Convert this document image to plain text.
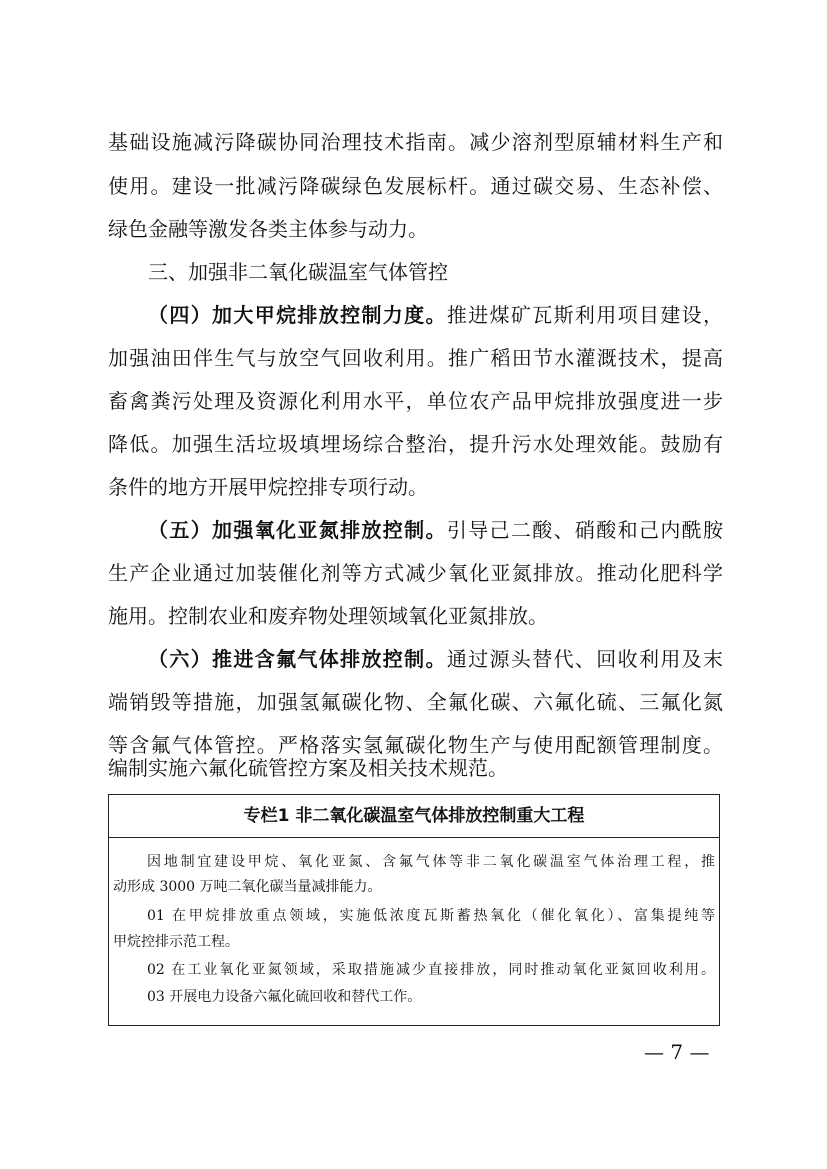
基础设施减污降碳协同治理技术指南。减少溶剂型原辅材料生产和
使用。建设一批减污降碳绿色发展标杆。通过碳交易、生态补偿、
绿色金融等激发各类主体参与动力。
三、加强非二氧化碳温室气体管控
（四）加大甲烷排放控制力度。推进煤矿瓦斯利用项目建设，
加强油田伴生气与放空气回收利用。推广稻田节水灌溉技术，提高
畜禽粪污处理及资源化利用水平，单位农产品甲烷排放强度进一步
降低。加强生活垃圾填埋场综合整治，提升污水处理效能。鼓励有
条件的地方开展甲烷控排专项行动。
（五）加强氧化亚氮排放控制。引导己二酸、硝酸和己内酰胺
生产企业通过加装催化剂等方式减少氧化亚氮排放。推动化肥科学
施用。控制农业和废弃物处理领域氧化亚氮排放。
（六）推进含氟气体排放控制。通过源头替代、回收利用及末
端销毁等措施，加强氢氟碳化物、全氟化碳、六氟化硫、三氟化氮
等含氟气体管控。严格落实氢氟碳化物生产与使用配额管理制度。
编制实施六氟化硫管控方案及相关技术规范。
专栏1 非二氧化碳温室气体排放控制重大工程
因地制宜建设甲烷、氧化亚氮、含氟气体等非二氧化碳温室气体治理工程，推
动形成 3000 万吨二氧化碳当量减排能力。
01 在甲烷排放重点领域，实施低浓度瓦斯蓄热氧化（催化氧化）、富集提纯等
甲烷控排示范工程。
02 在工业氧化亚氮领域，采取措施减少直接排放，同时推动氧化亚氮回收利用。
03 开展电力设备六氟化硫回收和替代工作。
— 7 —
